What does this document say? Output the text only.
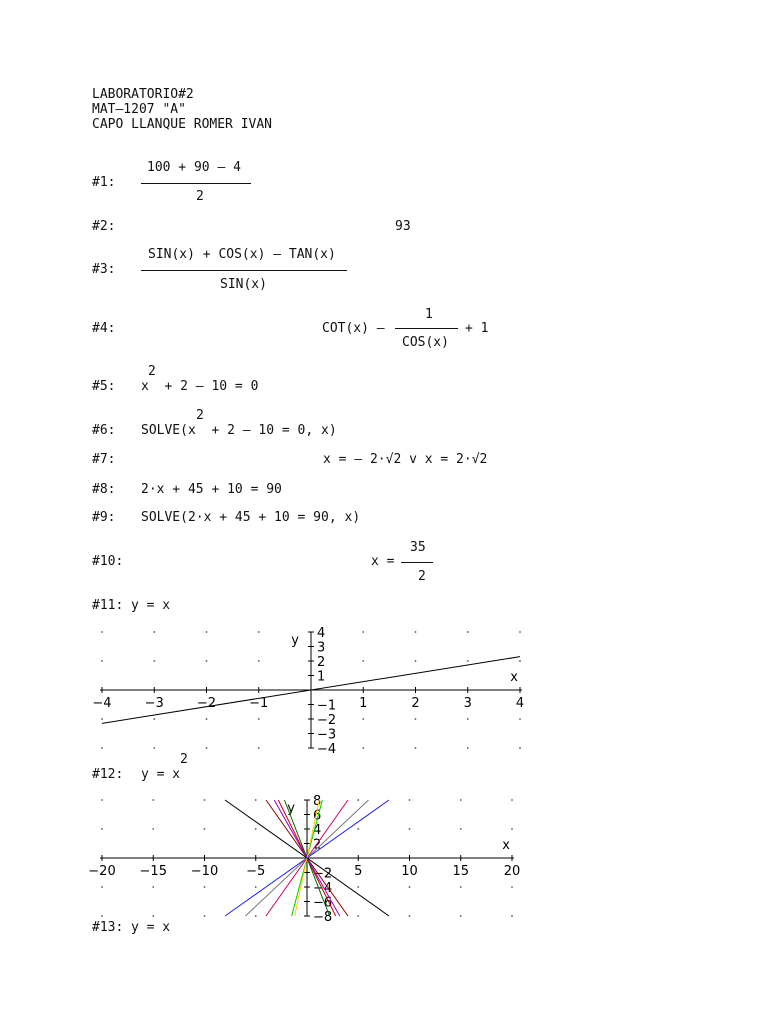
LABORATORIO#2
MAT–1207 "A"
CAPO LLANQUE ROMER IVAN
#1:
100 + 90 – 4
2
#2:	93
#3:
SIN(x) + COS(x) – TAN(x)
SIN(x)
#4:	COT(x) –
1
COS(x)
+ 1
2
#5: x  + 2 – 10 = 0
2
#6: SOLVE(x  + 2 – 10 = 0, x)
#7:	x = – 2·√2 v x = 2·√2
#8: 2·x + 45 + 10 = 90
#9: SOLVE(2·x + 45 + 10 = 90, x)
#10:	x =
35
2
#11: y = x
−4	−3	−2	−1	1	2	3	4
4
3
2
1
−1
−2
−3
−4
x
y
2
#12: y = x
−20 −15 −10 −5	5	10	15	20
8
6
4
2
−2
−4
−6
−8
x
y
#13: y = x
